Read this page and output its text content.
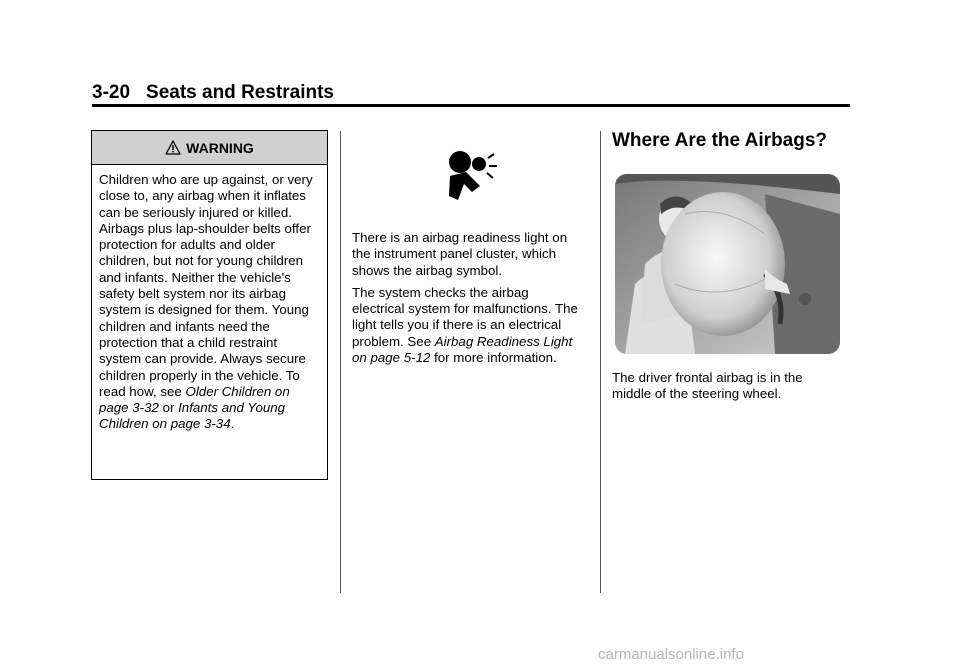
3-20 Seats and Restraints
WARNING
Children who are up against, or very close to, any airbag when it inflates can be seriously injured or killed. Airbags plus lap-shoulder belts offer protection for adults and older children, but not for young children and infants. Neither the vehicle's safety belt system nor its airbag system is designed for them. Young children and infants need the protection that a child restraint system can provide. Always secure children properly in the vehicle. To read how, see Older Children on page 3-32 or Infants and Young Children on page 3-34.

There is an airbag readiness light on the instrument panel cluster, which shows the airbag symbol.

The system checks the airbag electrical system for malfunctions. The light tells you if there is an electrical problem. See Airbag Readiness Light on page 5-12 for more information.

Where Are the Airbags?
The driver frontal airbag is in the middle of the steering wheel.
carmanualsonline.info
